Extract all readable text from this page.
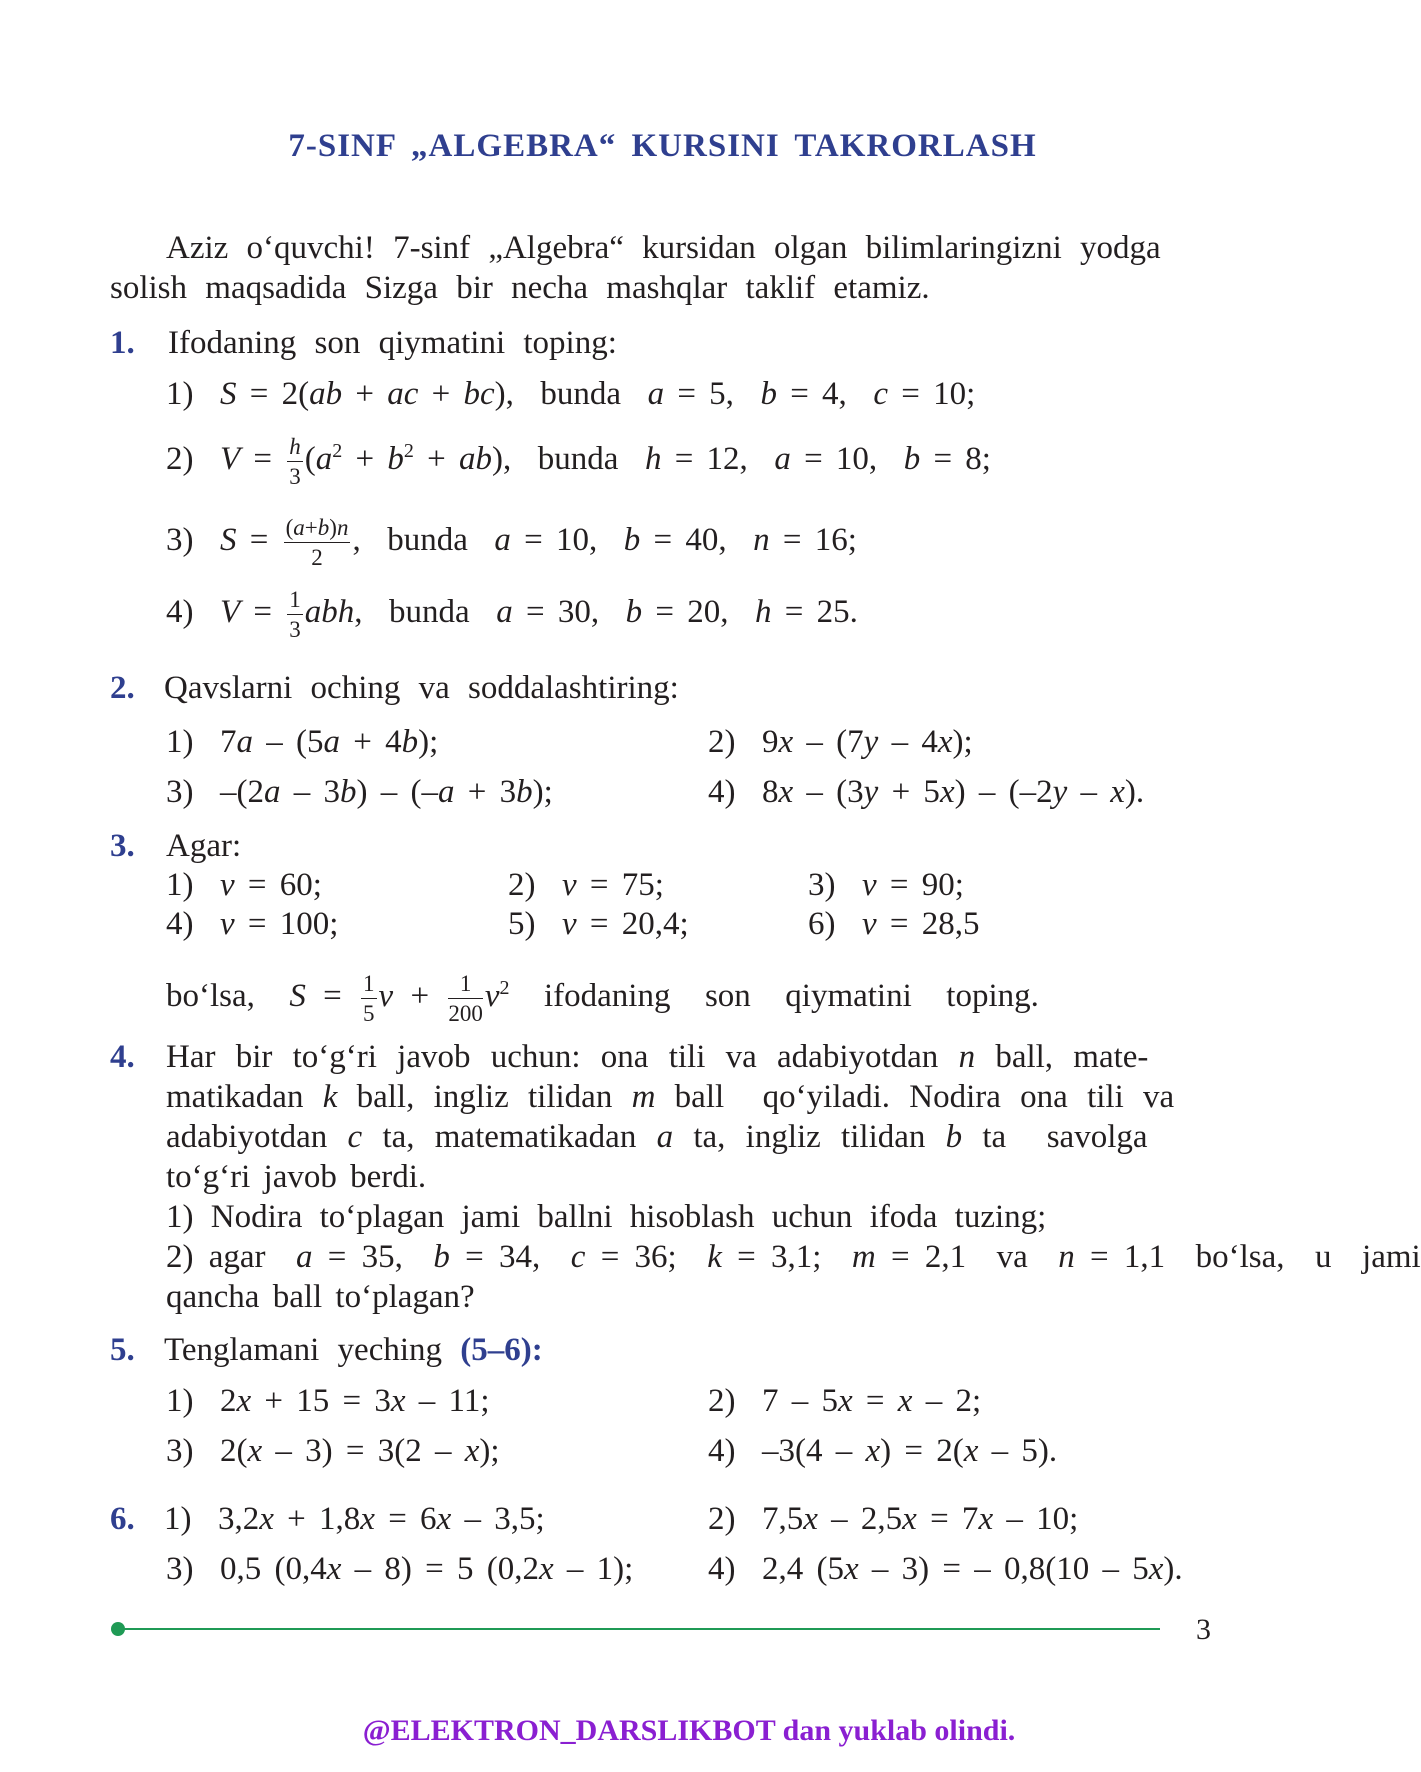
7-SINF „ALGEBRA“ KURSINI TAKRORLASH
Aziz o‘quvchi! 7-sinf „Algebra“ kursidan olgan bilimlaringizni yodga
solish maqsadida Sizga bir necha mashqlar taklif etamiz.
1. Ifodaning son qiymatini toping:
1)  S = 2(ab + ac + bc),  bunda  a = 5,  b = 4,  c = 10;
2)  $V = \frac{h}{3} (a^2 + b^2 + ab)$,  bunda  h = 12,  a = 10,  b = 8;
3)  $S = \frac{(a+b)n}{2}$ ,  bunda  a = 10,  b = 40,  n = 16;
4)  $V = \frac{1}{3}$ abh,  bunda  a = 30,  b = 20,  h = 25.
2. Qavslarni oching va soddalashtiring:
1)  7a – (5a + 4b);	2)  9x – (7y – 4x);
3)  –(2a – 3b) – (–a + 3b);	4)  8x – (3y + 5x) – (–2y – x).
3. Agar:
1)  v = 60;	2)  v = 75;	3)  v = 90;
4)  v = 100;	5)  v = 20,4;	6)  v = 28,5
bo‘lsa,  $S = \frac{1}{5}$ $v + \frac{1}{200} v^2$  ifodaning  son  qiymatini  toping.
4. Har bir to‘g‘ri javob uchun: ona tili va adabiyotdan n ball, mate-
matikadan k ball, ingliz tilidan m ball  qo‘yiladi. Nodira ona tili va
adabiyotdan c ta, matematikadan a ta, ingliz tilidan b ta  savolga
to‘g‘ri javob berdi.
1) Nodira to‘plagan jami ballni hisoblash uchun ifoda tuzing;
2) agar  a = 35,  b = 34,  c = 36;  k = 3,1;  m = 2,1  va  n = 1,1  bo‘lsa,  u  jami
qancha ball to‘plagan?
5. Tenglamani yeching (5–6):
1)  2x + 15 = 3x – 11;	2)  7 – 5x = x – 2;
3)  2(x – 3) = 3(2 – x);	4)  –3(4 – x) = 2(x – 5).
6. 1)  3,2x + 1,8x = 6x – 3,5;	2)  7,5x – 2,5x = 7x – 10;
3)  0,5 (0,4x – 8) = 5 (0,2x – 1); 4)  2,4 (5x – 3) = – 0,8(10 – 5x).
3
@ELEKTRON_DARSLIKBOT dan yuklab olindi.
